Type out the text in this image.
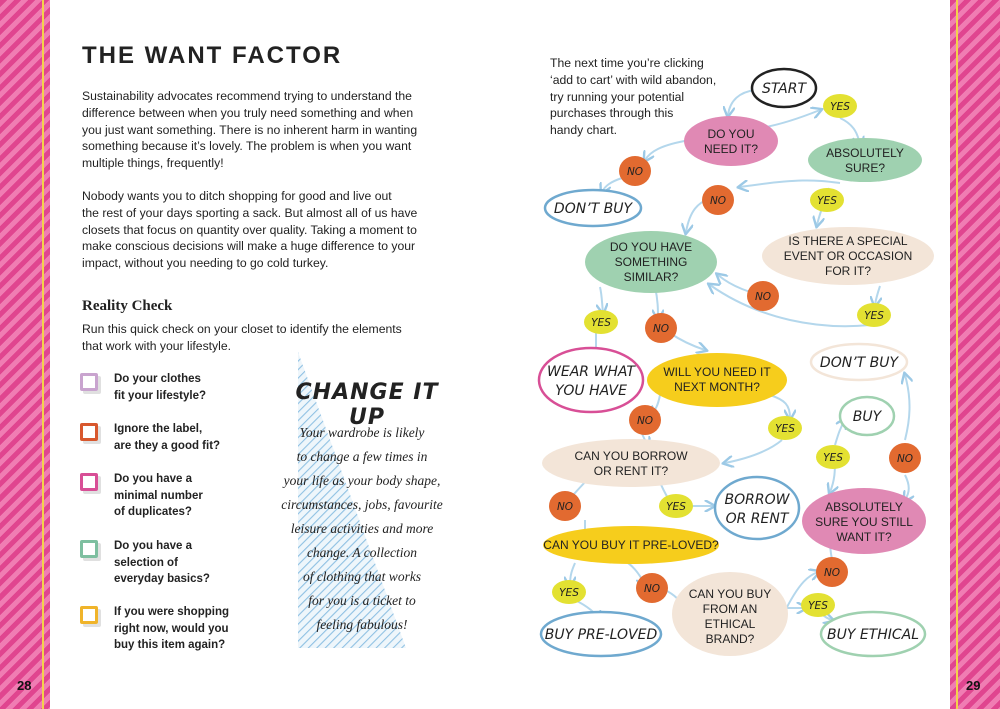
28	29
THE WANT FACTOR
Sustainability advocates recommend trying to understand the
difference between when you truly need something and when
you just want something. There is no inherent harm in wanting
something because it’s lovely. The problem is when you want
multiple things, frequently!
Nobody wants you to ditch shopping for good and live out
the rest of your days sporting a sack. But almost all of us have
closets that focus on quantity over quality. Taking a moment to
make conscious decisions will make a huge difference to your
impact, without you needing to go cold turkey.
Reality Check
Run this quick check on your closet to identify the elements
that work with your lifestyle.
Do your clothes
fit your lifestyle?
Ignore the label,
are they a good fit?
Do you have a
minimal number
of duplicates?
Do you have a
selection of
everyday basics?
If you were shopping
right now, would you
buy this item again?
CHANGE IT UP
Your wardrobe is likely
to change a few times in
your life as your body shape,
circumstances, jobs, favourite
leisure activities and more
change. A collection
of clothing that works
for you is a ticket to
feeling fabulous!
The next time you’re clicking
‘add to cart’ with wild abandon,
try running your potential
purchases through this
handy chart.
START
DO YOU
NEED IT?	ABSOLUTELY
SURE?
DON’T BUY
DO YOU HAVE
SOMETHING
SIMILAR?
IS THERE A SPECIAL
EVENT OR OCCASION
FOR IT?
WEAR WHAT
YOU HAVE
WILL YOU NEED IT
NEXT MONTH?
DON’T BUY
BUY
CAN YOU BORROW
OR RENT IT?
BORROW
OR RENT
ABSOLUTELY
SURE YOU STILL
WANT IT?
CAN YOU BUY IT PRE-LOVED?
CAN YOU BUY
FROM AN
ETHICAL
BRAND?
BUY PRE-LOVED	BUY ETHICAL
YES
NO
NO	YES
NO
YES	NO
YES
NO
YES
YES	NO
NO	YES
YES	NO
NO
YES
